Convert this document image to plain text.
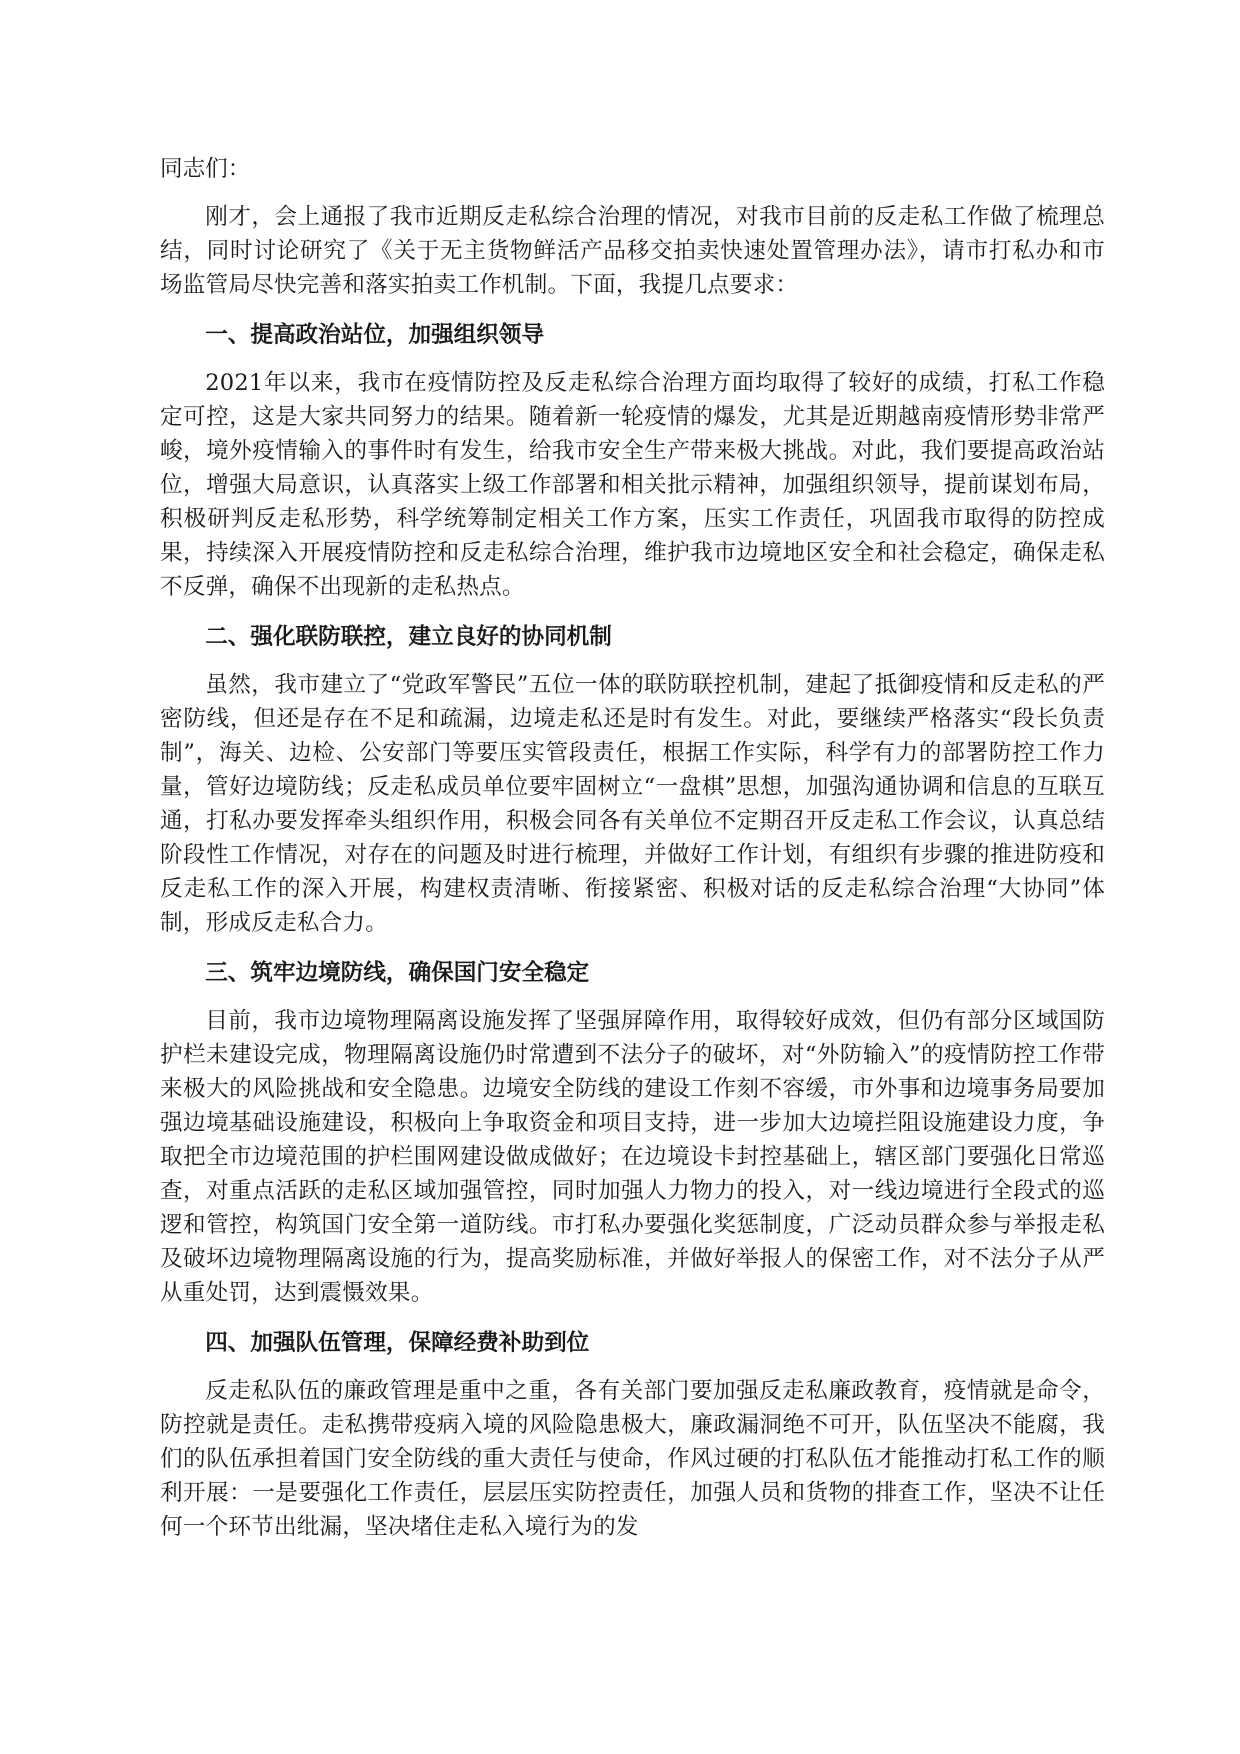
同志们：

刚才，会上通报了我市近期反走私综合治理的情况，对我市目前的反走私工作做了梳理总结，同时讨论研究了《关于无主货物鲜活产品移交拍卖快速处置管理办法》，请市打私办和市场监管局尽快完善和落实拍卖工作机制。下面，我提几点要求：

一、提高政治站位，加强组织领导

2021年以来，我市在疫情防控及反走私综合治理方面均取得了较好的成绩，打私工作稳定可控，这是大家共同努力的结果。随着新一轮疫情的爆发，尤其是近期越南疫情形势非常严峻，境外疫情输入的事件时有发生，给我市安全生产带来极大挑战。对此，我们要提高政治站位，增强大局意识，认真落实上级工作部署和相关批示精神，加强组织领导，提前谋划布局，积极研判反走私形势，科学统筹制定相关工作方案，压实工作责任，巩固我市取得的防控成果，持续深入开展疫情防控和反走私综合治理，维护我市边境地区安全和社会稳定，确保走私不反弹，确保不出现新的走私热点。

二、强化联防联控，建立良好的协同机制

虽然，我市建立了“党政军警民”五位一体的联防联控机制，建起了抵御疫情和反走私的严密防线，但还是存在不足和疏漏，边境走私还是时有发生。对此，要继续严格落实“段长负责制”，海关、边检、公安部门等要压实管段责任，根据工作实际，科学有力的部署防控工作力量，管好边境防线；反走私成员单位要牢固树立“一盘棋”思想，加强沟通协调和信息的互联互通，打私办要发挥牵头组织作用，积极会同各有关单位不定期召开反走私工作会议，认真总结阶段性工作情况，对存在的问题及时进行梳理，并做好工作计划，有组织有步骤的推进防疫和反走私工作的深入开展，构建权责清晰、衔接紧密、积极对话的反走私综合治理“大协同”体制，形成反走私合力。

三、筑牢边境防线，确保国门安全稳定

目前，我市边境物理隔离设施发挥了坚强屏障作用，取得较好成效，但仍有部分区域国防护栏未建设完成，物理隔离设施仍时常遭到不法分子的破坏，对“外防输入”的疫情防控工作带来极大的风险挑战和安全隐患。边境安全防线的建设工作刻不容缓，市外事和边境事务局要加强边境基础设施建设，积极向上争取资金和项目支持，进一步加大边境拦阻设施建设力度，争取把全市边境范围的护栏围网建设做成做好；在边境设卡封控基础上，辖区部门要强化日常巡查，对重点活跃的走私区域加强管控，同时加强人力物力的投入，对一线边境进行全段式的巡逻和管控，构筑国门安全第一道防线。市打私办要强化奖惩制度，广泛动员群众参与举报走私及破坏边境物理隔离设施的行为，提高奖励标准，并做好举报人的保密工作，对不法分子从严从重处罚，达到震慑效果。

四、加强队伍管理，保障经费补助到位

反走私队伍的廉政管理是重中之重，各有关部门要加强反走私廉政教育，疫情就是命令，防控就是责任。走私携带疫病入境的风险隐患极大，廉政漏洞绝不可开，队伍坚决不能腐，我们的队伍承担着国门安全防线的重大责任与使命，作风过硬的打私队伍才能推动打私工作的顺利开展：一是要强化工作责任，层层压实防控责任，加强人员和货物的排查工作，坚决不让任何一个环节出纰漏，坚决堵住走私入境行为的发
